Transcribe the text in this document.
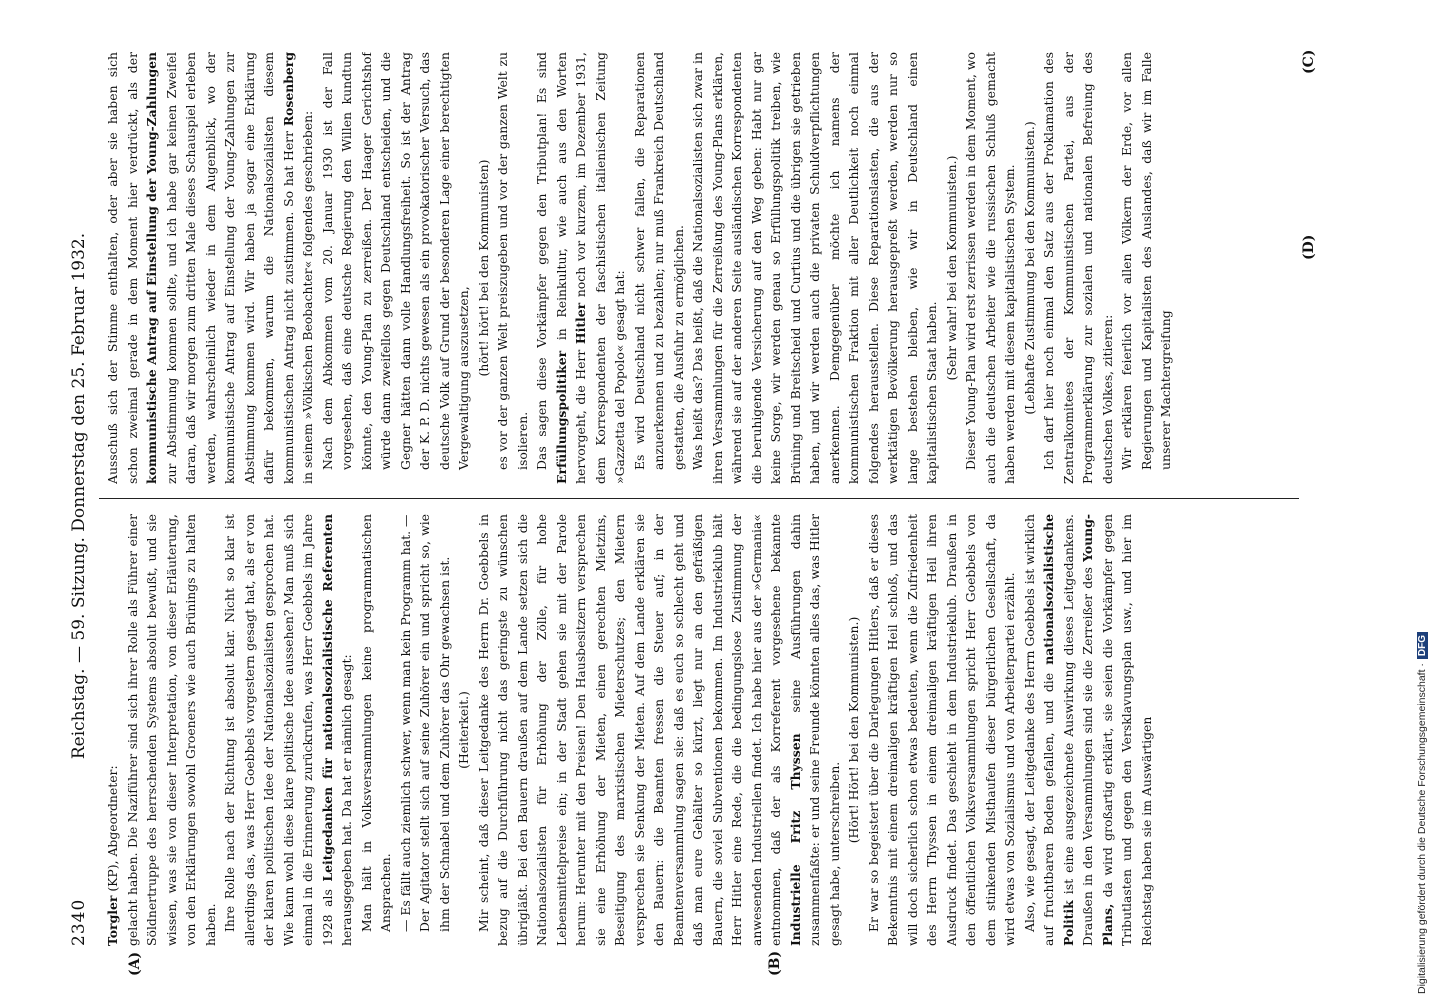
2340
Reichstag. — 59. Sitzung. Donnerstag den 25. Februar 1932.

Torgler (KP), Abgeordneter: gelacht haben. Die Naziführer sind sich ihrer Rolle als Führer einer Söldnertruppe des herrschenden Systems absolut bewußt, und sie wissen, was sie von dieser Interpretation, von dieser Erläuterung, von den Erklärungen sowohl Groeners wie auch Brünings zu halten haben. Ihre Rolle nach der Richtung ist absolut klar. Nicht so klar ist allerdings das, was Herr Goebbels vorgestern gesagt hat, als er von der klaren politischen Idee der Nationalsozialisten gesprochen hat. Wie kann wohl diese klare politische Idee aussehen? Man muß sich einmal in die Erinnerung zurückrufen, was Herr Goebbels im Jahre 1928 als Leitgedanken für nationalsozialistische Referenten herausgegeben hat. Da hat er nämlich gesagt: Man hält in Volksversammlungen keine programmatischen Ansprachen. — Es fällt auch ziemlich schwer, wenn man kein Programm hat. — Der Agitator stellt sich auf seine Zuhörer ein und spricht so, wie ihm der Schnabel und dem Zuhörer das Ohr gewachsen ist. (Heiterkeit.) Mir scheint, daß dieser Leitgedanke des Herrn Dr. Goebbels in bezug auf die Durchführung nicht das geringste zu wünschen übrigläßt. Bei den Bauern draußen auf dem Lande setzen sich die Nationalsozialisten für Erhöhung der Zölle, für hohe Lebensmittelpreise ein; in der Stadt gehen sie mit der Parole herum: Herunter mit den Preisen! Den Hausbesitzern versprechen sie eine Erhöhung der Mieten, einen gerechten Mietzins, Beseitigung des marxistischen Mieterschutzes; den Mietern versprechen sie Senkung der Mieten. Auf dem Lande erklären sie den Bauern: die Beamten fressen die Steuer auf; in der Beamtenversammlung sagen sie: daß es euch so schlecht geht und daß man eure Gehälter so kürzt, liegt nur an den gefräßigen Bauern, die soviel Subventionen bekommen. Im Industrieklub hält Herr Hitler eine Rede, die die bedingungslose Zustimmung der anwesenden Industriellen findet. Ich habe hier aus der »Germania« entnommen, daß der als Korreferent vorgesehene bekannte Industrielle Fritz Thyssen seine Ausführungen dahin zusammenfaßte: er und seine Freunde könnten alles das, was Hitler gesagt habe, unterschreiben.

(Hört! Hört! bei den Kommunisten.) Er war so begeistert über die Darlegungen Hitlers, daß er dieses Bekenntnis mit einem dreimaligen kräftigen Heil schloß, und das will doch sicherlich schon etwas bedeuten, wenn die Zufriedenheit des Herrn Thyssen in einem dreimaligen kräftigen Heil ihren Ausdruck findet. Das geschieht in dem Industrieklub. Draußen in den öffentlichen Volksversammlungen spricht Herr Goebbels von dem stinkenden Misthaufen dieser bürgerlichen Gesellschaft, da wird etwas von Sozialismus und von Arbeiterpartei erzählt. Also, wie gesagt, der Leitgedanke des Herrn Goebbels ist wirklich auf fruchtbaren Boden gefallen, und die nationalsozialistische Politik ist eine ausgezeichnete Auswirkung dieses Leitgedankens. Draußen in den Versammlungen sind sie die Zerreißer des Young-Plans, da wird großartig erklärt, sie seien die Vorkämpfer gegen Tributlasten und gegen den Versklavungsplan usw., und hier im Reichstag haben sie im Auswärtigen

Ausschuß sich der Stimme enthalten, oder aber sie haben sich schon zweimal gerade in dem Moment hier verdrückt, als der kommunistische Antrag auf Einstellung der Young-Zahlungen zur Abstimmung kommen sollte, und ich habe gar keinen Zweifel daran, daß wir morgen zum dritten Male dieses Schauspiel erleben werden, wahrscheinlich wieder in dem Augenblick, wo der kommunistische Antrag auf Einstellung der Young-Zahlungen zur Abstimmung kommen wird. Wir haben ja sogar eine Erklärung dafür bekommen, warum die Nationalsozialisten diesem kommunistischen Antrag nicht zustimmen. So hat Herr Rosenberg in seinem »Völkischen Beobachter« folgendes geschrieben: Nach dem Abkommen vom 20. Januar 1930 ist der Fall vorgesehen, daß eine deutsche Regierung den Willen kundtun könnte, den Young-Plan zu zerreißen. Der Haager Gerichtshof würde dann zweifellos gegen Deutschland entscheiden, und die Gegner hätten dann volle Handlungsfreiheit. So ist der Antrag der K. P. D. nichts gewesen als ein provokatorischer Versuch, das deutsche Volk auf Grund der besonderen Lage einer berechtigten Vergewaltigung auszusetzen,

(hört! hört! bei den Kommunisten) es vor der ganzen Welt preiszugeben und vor der ganzen Welt zu isolieren. Das sagen diese Vorkämpfer gegen den Tributplan! Es sind Erfüllungspolitiker in Reinkultur, wie auch aus den Worten hervorgeht, die Herr Hitler noch vor kurzem, im Dezember 1931, dem Korrespondenten der faschistischen italienischen Zeitung »Gazzetta del Popolo« gesagt hat: Es wird Deutschland nicht schwer fallen, die Reparationen anzuerkennen und zu bezahlen; nur muß Frankreich Deutschland gestatten, die Ausfuhr zu ermöglichen. Was heißt das? Das heißt, daß die Nationalsozialisten sich zwar in ihren Versammlungen für die Zerreißung des Young-Plans erklären, während sie auf der anderen Seite ausländischen Korrespondenten die beruhigende Versicherung auf den Weg geben: Habt nur gar keine Sorge, wir werden genau so Erfüllungspolitik treiben, wie Brüning und Breitscheid und Curtius und die übrigen sie getrieben haben, und wir werden auch die privaten Schuldverpflichtungen anerkennen. Demgegenüber möchte ich namens der kommunistischen Fraktion mit aller Deutlichkeit noch einmal folgendes herausstellen. Diese Reparationslasten, die aus der werktätigen Bevölkerung herausgepreßt werden, werden nur so lange bestehen bleiben, wie wir in Deutschland einen kapitalistischen Staat haben.

(Sehr wahr! bei den Kommunisten.) Dieser Young-Plan wird erst zerrissen werden in dem Moment, wo auch die deutschen Arbeiter wie die russischen Schluß gemacht haben werden mit diesem kapitalistischen System. (Lebhafte Zustimmung bei den Kommunisten.) Ich darf hier noch einmal den Satz aus der Proklamation des Zentralkomitees der Kommunistischen Partei, aus der Programmerklärung zur sozialen und nationalen Befreiung des deutschen Volkes, zitieren: Wir erklären feierlich vor allen Völkern der Erde, vor allen Regierungen und Kapitalisten des Auslandes, daß wir im Falle unserer Machtergreifung

(A)	(B)
(C)
(D)
Digitalisierung gefördert durch die Deutsche Forschungsgemeinschaft ·DFG
